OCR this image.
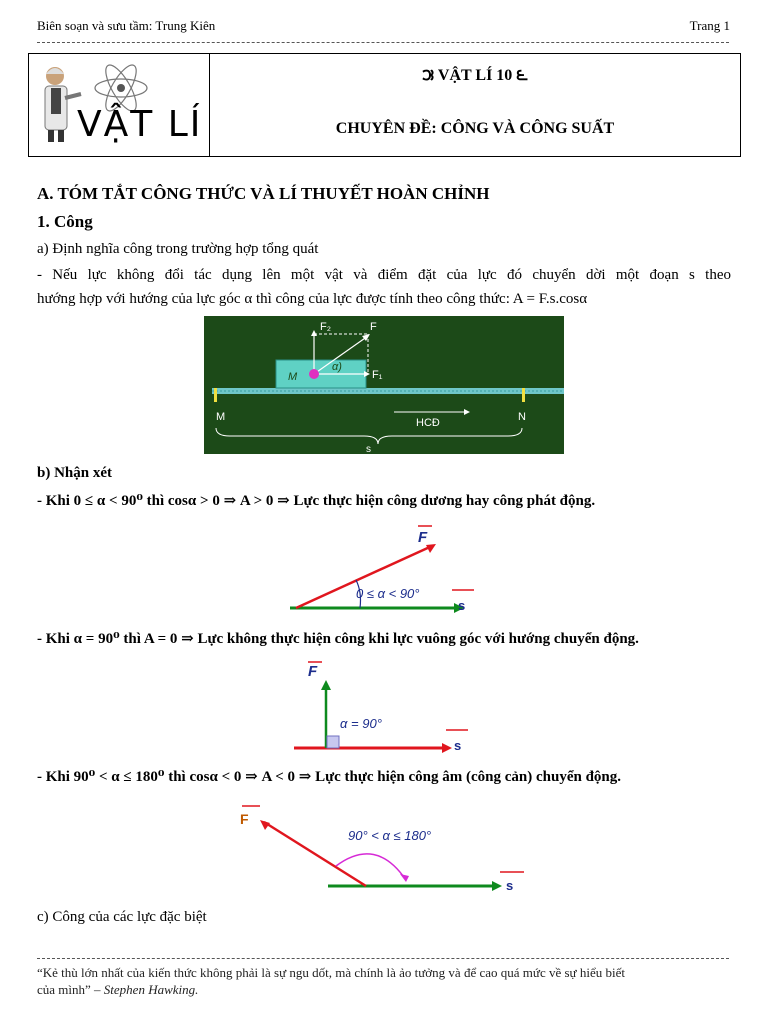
Biên soạn và sưu tầm: Trung Kiên	Trang 1
VẬT LÍ
౫ VẬT LÍ 10 ౬
CHUYÊN ĐỀ: CÔNG VÀ CÔNG SUẤT
A. TÓM TẮT CÔNG THỨC VÀ LÍ THUYẾT HOÀN CHỈNH
1. Công
a) Định nghĩa công trong trường hợp tổng quát
- Nếu lực không đổi tác dụng lên một vật và điểm đặt của lực đó chuyển dời một đoạn s theo
hướng hợp với hướng của lực góc α thì công của lực được tính theo công thức: A = F.s.cosα
F₂	F
F₁
M
α)
M	N
HCĐ
s
b) Nhận xét
- Khi 0 ≤ α < 90⁰ thì cosα > 0 ⇒ A > 0 ⇒ Lực thực hiện công dương hay công phát động.
F
0 ≤ α < 90°
s
- Khi α = 90⁰ thì A = 0 ⇒ Lực không thực hiện công khi lực vuông góc với hướng chuyển động.
F
α = 90°
s
- Khi 90⁰ < α ≤ 180⁰ thì cosα < 0 ⇒ A < 0 ⇒ Lực thực hiện công âm (công cản) chuyển động.
F
90° < α ≤ 180°
s
c) Công của các lực đặc biệt
“Kẻ thù lớn nhất của kiến thức không phải là sự ngu dốt, mà chính là ảo tưởng và để cao quá mức về sự hiểu biết
của mình” – Stephen Hawking.
